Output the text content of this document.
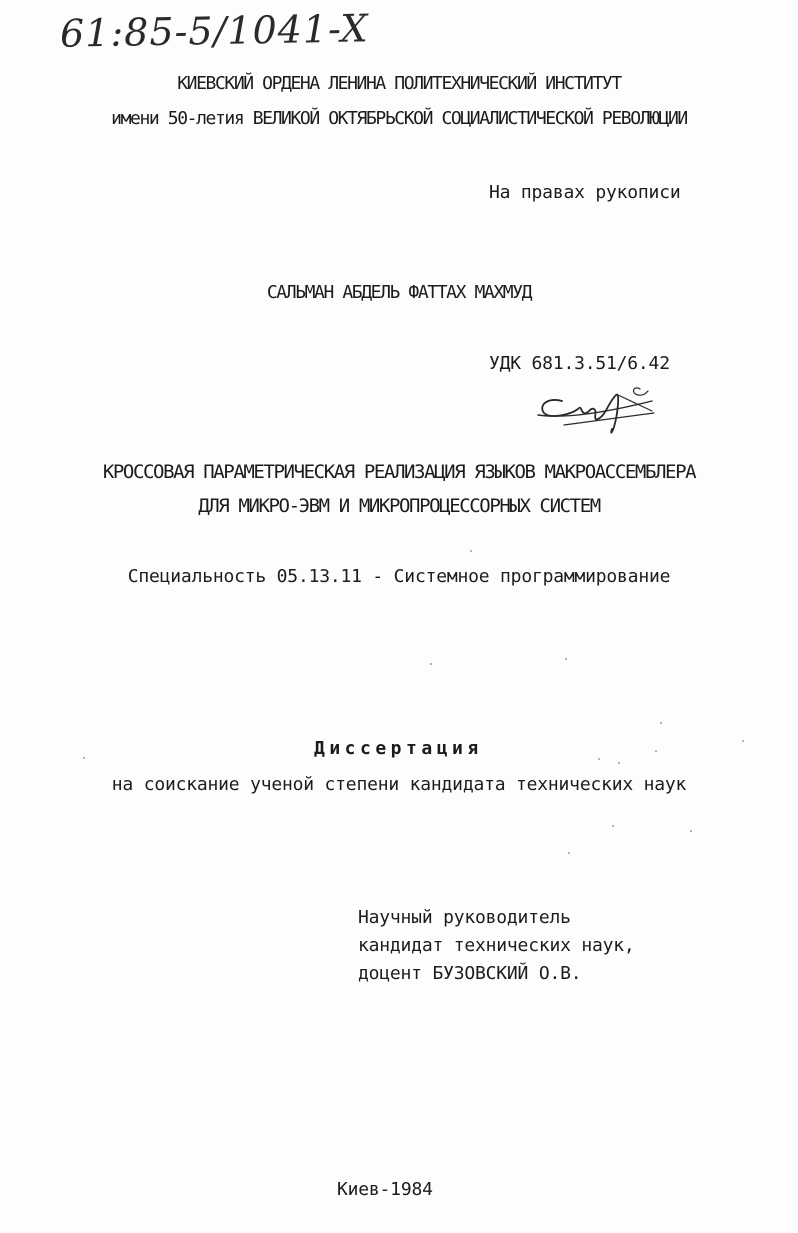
61:85-5/1041-X
КИЕВСКИЙ ОРДЕНА ЛЕНИНА ПОЛИТЕХНИЧЕСКИЙ ИНСТИТУТ
имени 50-летия ВЕЛИКОЙ ОКТЯБРЬСКОЙ СОЦИАЛИСТИЧЕСКОЙ РЕВОЛЮЦИИ
На правах рукописи
САЛЬМАН АБДЕЛЬ ФАТТАХ МАХМУД
УДК 681.3.51/6.42
КРОССОВАЯ ПАРАМЕТРИЧЕСКАЯ РЕАЛИЗАЦИЯ ЯЗЫКОВ МАКРОАССЕМБЛЕРА
ДЛЯ МИКРО-ЭВМ И МИКРОПРОЦЕССОРНЫХ СИСТЕМ
Специальность 05.13.11 - Системное программирование
Диссертация
на соискание ученой степени кандидата технических наук
Научный руководитель
кандидат технических наук,
доцент БУЗОВСКИЙ О.В.
Киев-1984
